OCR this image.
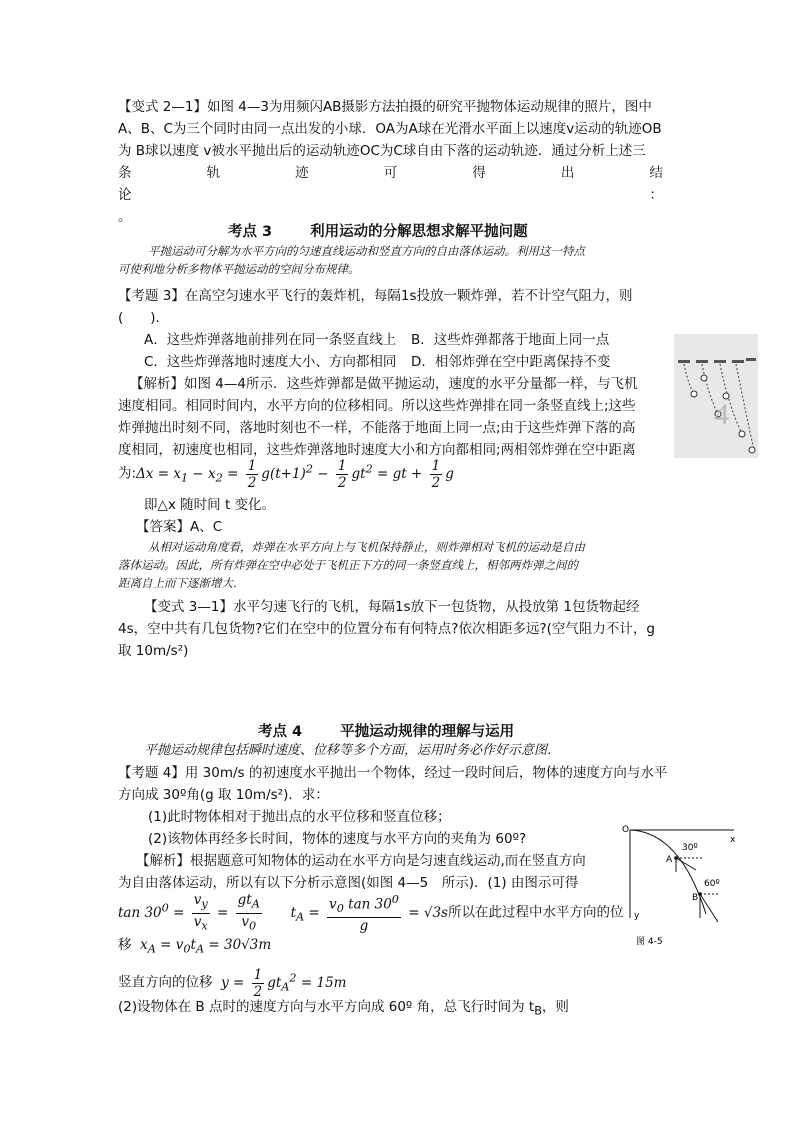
【变式 2—1】如图 4—3为用频闪AB摄影方法拍摄的研究平抛物体运动规律的照片，图中
A、B、C为三个同时由同一点出发的小球．OA为A球在光滑水平面上以速度v运动的轨迹OB
为 B球以速度 v被水平抛出后的运动轨迹OC为C球自由下落的运动轨迹．通过分析上述三
条	轨	迹	可	得	出	结
论	：
。
考点 3	利用运动的分解思想求解平抛问题
平抛运动可分解为水平方向的匀速直线运动和竖直方向的自由落体运动。利用这一特点
可使利地分析多物体平抛运动的空间分布规律。
【考题 3】在高空匀速水平飞行的轰炸机，每隔1s投放一颗炸弹，若不计空气阻力，则
(　　)．
A．这些炸弹落地前排列在同一条竖直线上	B．这些炸弹都落于地面上同一点
C．这些炸弹落地时速度大小、方向都相同	D．相邻炸弹在空中距离保持不变
【解析】如图 4—4所示．这些炸弹都是做平抛运动，速度的水平分量都一样，与飞机
速度相同。相同时间内，水平方向的位移相同。所以这些炸弹排在同一条竖直线上;这些
炸弹抛出时刻不同，落地时刻也不一样，不能落于地面上同一点;由于这些炸弹下落的高
度相同，初速度也相同，这些炸弹落地时速度大小和方向都相同;两相邻炸弹在空中距离
为:Δx = $x_1 - x_2 = \frac{1}{2} g(t+1)^2 - \frac{1}{2} gt^2$ = gt + $\frac{1}{2}$ g
即△x 随时间 t 变化。
【答案】A、C
从相对运动角度看，炸弹在水平方向上与飞机保持静止，则炸弹相对飞机的运动是自由
落体运动。因此，所有炸弹在空中必处于飞机正下方的同一条竖直线上，相邻两炸弹之间的
距离自上而下逐渐增大．
【变式 3—1】水平匀速飞行的飞机，每隔1s放下一包货物，从投放第 1包货物起经
4s，空中共有几包货物?它们在空中的位置分布有何特点?依次相距多远?(空气阻力不计，g
取 10m/s²)
4
考点 4	平抛运动规律的理解与运用
平抛运动规律包括瞬时速度、位移等多个方面，运用时务必作好示意图．
【考题 4】用 30m/s 的初速度水平抛出一个物体，经过一段时间后，物体的速度方向与水平
方向成 30º角(g 取 10m/s²)．求：
(1)此时物体相对于抛出点的水平位移和竖直位移；
(2)该物体再经多长时间，物体的速度与水平方向的夹角为 60º?
【解析】根据题意可知物体的运动在水平方向是匀速直线运动,而在竖直方向
为自由落体运动，所以有以下分析示意图(如图 4—5　所示)．(1) 由图示可得
$\tan 30^0 = \frac{v_y}{v_x} = \frac{gt_A}{v_0} t_A = \frac{v_0 \tan 30^0}{g} = √3s$所以在此过程中水平方向的位
移 $x_A = v_0t_A = 30√3m$
竖直方向的位移 $y = \frac{1}{2} gt_A^2 = 15m$
(2)设物体在 B 点时的速度方向与水平方向成 60º 角，总飞行时间为 $t_B$，则
O
x
y
30º
60º
A
B
图 4-5
